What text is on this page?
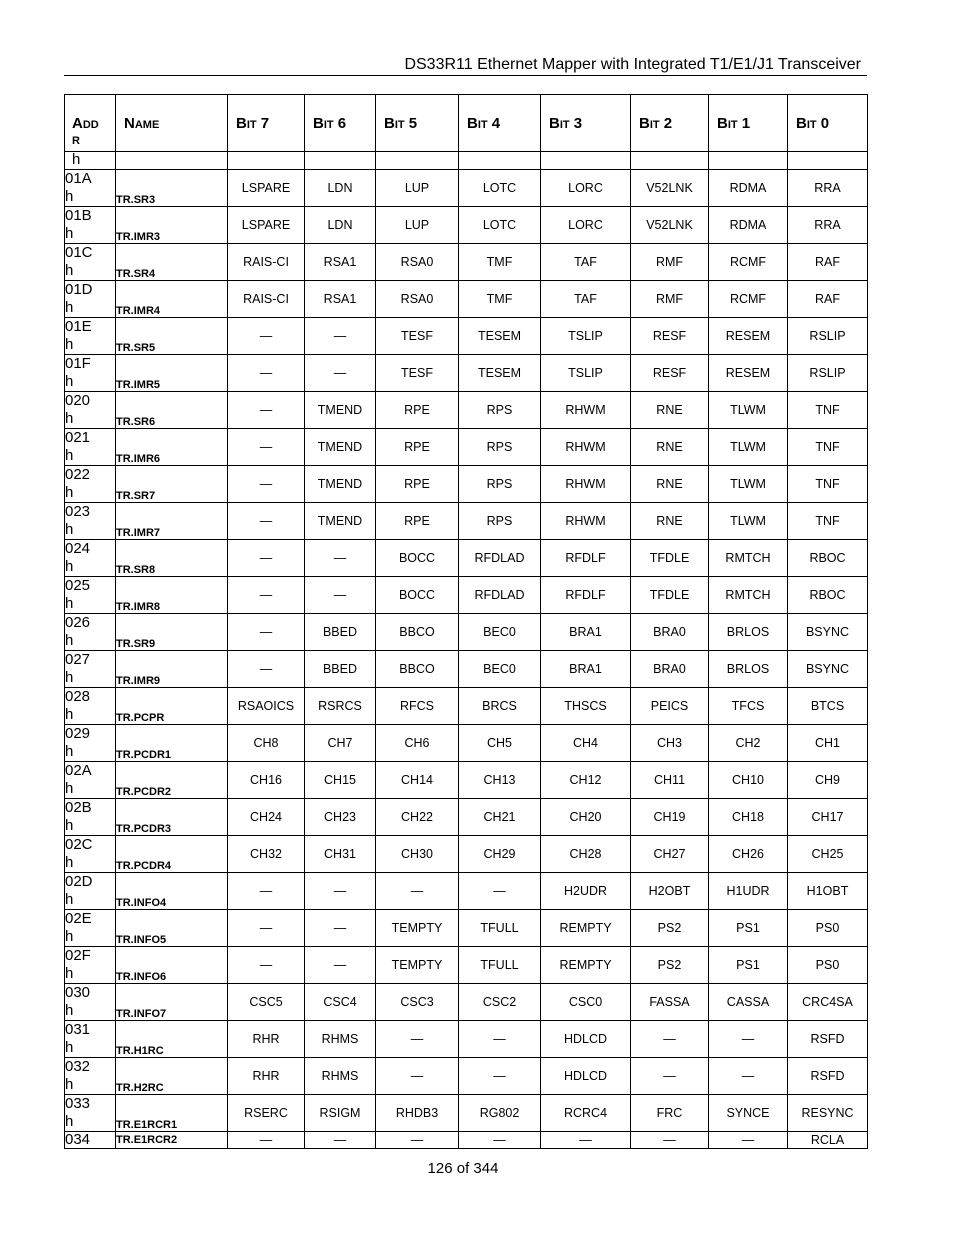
DS33R11 Ethernet Mapper with Integrated T1/E1/J1 Transceiver
ADD
R	NAME	BIT 7	BIT 6	BIT 5	BIT 4	BIT 3	BIT 2	BIT 1	BIT 0
h									
01A
h	TR.SR3	LSPARE	LDN	LUP	LOTC	LORC	V52LNK	RDMA	RRA
01B
h	TR.IMR3	LSPARE	LDN	LUP	LOTC	LORC	V52LNK	RDMA	RRA
01C
h	TR.SR4	RAIS-CI	RSA1	RSA0	TMF	TAF	RMF	RCMF	RAF
01D
h	TR.IMR4	RAIS-CI	RSA1	RSA0	TMF	TAF	RMF	RCMF	RAF
01E
h	TR.SR5	—	—	TESF	TESEM	TSLIP	RESF	RESEM	RSLIP
01F
h	TR.IMR5	—	—	TESF	TESEM	TSLIP	RESF	RESEM	RSLIP
020
h	TR.SR6	—	TMEND	RPE	RPS	RHWM	RNE	TLWM	TNF
021
h	TR.IMR6	—	TMEND	RPE	RPS	RHWM	RNE	TLWM	TNF
022
h	TR.SR7	—	TMEND	RPE	RPS	RHWM	RNE	TLWM	TNF
023
h	TR.IMR7	—	TMEND	RPE	RPS	RHWM	RNE	TLWM	TNF
024
h	TR.SR8	—	—	BOCC	RFDLAD	RFDLF	TFDLE	RMTCH	RBOC
025
h	TR.IMR8	—	—	BOCC	RFDLAD	RFDLF	TFDLE	RMTCH	RBOC
026
h	TR.SR9	—	BBED	BBCO	BEC0	BRA1	BRA0	BRLOS	BSYNC
027
h	TR.IMR9	—	BBED	BBCO	BEC0	BRA1	BRA0	BRLOS	BSYNC
028
h	TR.PCPR	RSAOICS	RSRCS	RFCS	BRCS	THSCS	PEICS	TFCS	BTCS
029
h	TR.PCDR1	CH8	CH7	CH6	CH5	CH4	CH3	CH2	CH1
02A
h	TR.PCDR2	CH16	CH15	CH14	CH13	CH12	CH11	CH10	CH9
02B
h	TR.PCDR3	CH24	CH23	CH22	CH21	CH20	CH19	CH18	CH17
02C
h	TR.PCDR4	CH32	CH31	CH30	CH29	CH28	CH27	CH26	CH25
02D
h	TR.INFO4	—	—	—	—	H2UDR	H2OBT	H1UDR	H1OBT
02E
h	TR.INFO5	—	—	TEMPTY	TFULL	REMPTY	PS2	PS1	PS0
02F
h	TR.INFO6	—	—	TEMPTY	TFULL	REMPTY	PS2	PS1	PS0
030
h	TR.INFO7	CSC5	CSC4	CSC3	CSC2	CSC0	FASSA	CASSA	CRC4SA
031
h	TR.H1RC	RHR	RHMS	—	—	HDLCD	—	—	RSFD
032
h	TR.H2RC	RHR	RHMS	—	—	HDLCD	—	—	RSFD
033
h	TR.E1RCR1	RSERC	RSIGM	RHDB3	RG802	RCRC4	FRC	SYNCE	RESYNC
034	TR.E1RCR2	—	—	—	—	—	—	—	RCLA
126 of 344
